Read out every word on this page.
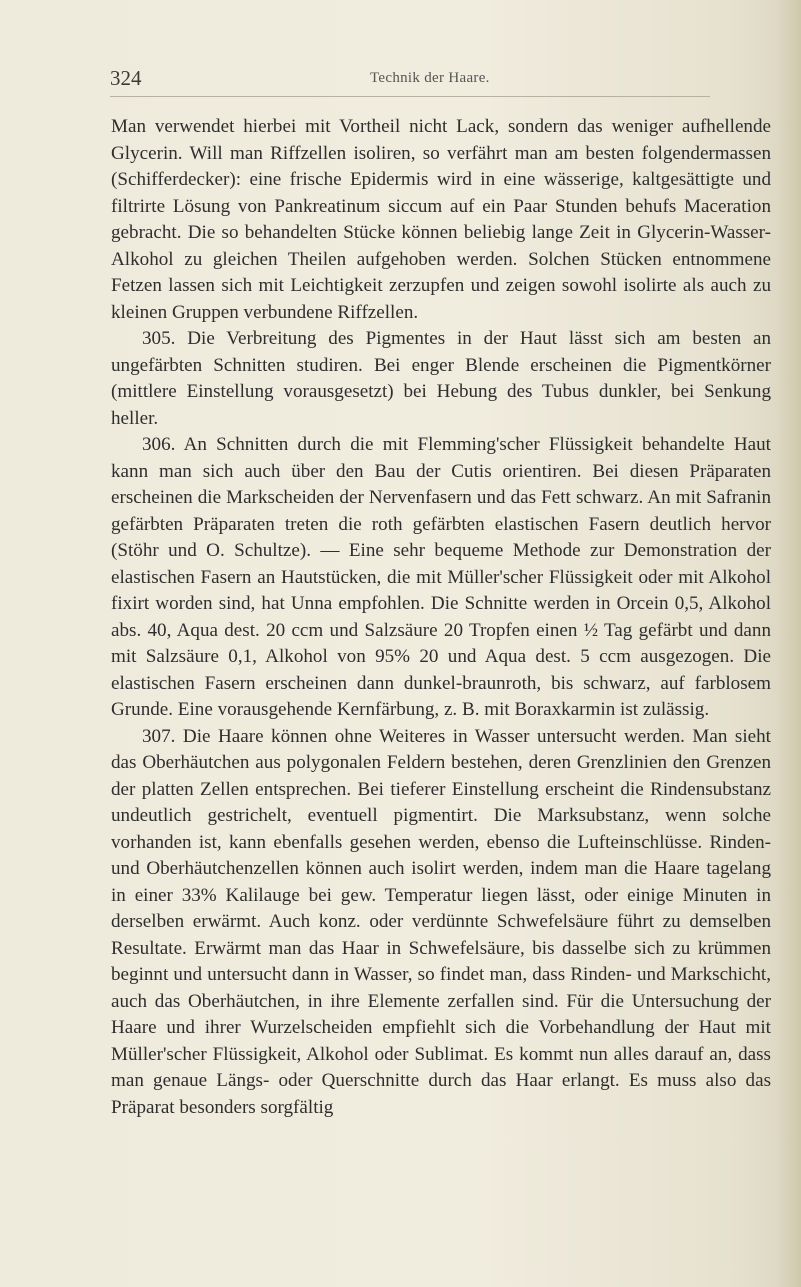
324	Technik der Haare.

Man verwendet hierbei mit Vortheil nicht Lack, sondern das weniger aufhellende Glycerin. Will man Riffzellen isoliren, so verfährt man am besten folgendermassen (Schifferdecker): eine frische Epidermis wird in eine wässerige, kaltgesättigte und filtrirte Lösung von Pankreatinum siccum auf ein Paar Stunden behufs Maceration gebracht. Die so behandelten Stücke können beliebig lange Zeit in Glycerin-Wasser-Alkohol zu gleichen Theilen aufgehoben werden. Solchen Stücken entnommene Fetzen lassen sich mit Leichtigkeit zerzupfen und zeigen sowohl isolirte als auch zu kleinen Gruppen verbundene Riffzellen.

305. Die Verbreitung des Pigmentes in der Haut lässt sich am besten an ungefärbten Schnitten studiren. Bei enger Blende erscheinen die Pigmentkörner (mittlere Einstellung vorausgesetzt) bei Hebung des Tubus dunkler, bei Senkung heller.

306. An Schnitten durch die mit Flemming'scher Flüssigkeit behandelte Haut kann man sich auch über den Bau der Cutis orientiren. Bei diesen Präparaten erscheinen die Markscheiden der Nervenfasern und das Fett schwarz. An mit Safranin gefärbten Präparaten treten die roth gefärbten elastischen Fasern deutlich hervor (Stöhr und O. Schultze). — Eine sehr bequeme Methode zur Demonstration der elastischen Fasern an Hautstücken, die mit Müller'scher Flüssigkeit oder mit Alkohol fixirt worden sind, hat Unna empfohlen. Die Schnitte werden in Orcein 0,5, Alkohol abs. 40, Aqua dest. 20 ccm und Salzsäure 20 Tropfen einen ½ Tag gefärbt und dann mit Salzsäure 0,1, Alkohol von 95% 20 und Aqua dest. 5 ccm ausgezogen. Die elastischen Fasern erscheinen dann dunkel-braunroth, bis schwarz, auf farblosem Grunde. Eine vorausgehende Kernfärbung, z. B. mit Boraxkarmin ist zulässig.

307. Die Haare können ohne Weiteres in Wasser untersucht werden. Man sieht das Oberhäutchen aus polygonalen Feldern bestehen, deren Grenzlinien den Grenzen der platten Zellen entsprechen. Bei tieferer Einstellung erscheint die Rindensubstanz undeutlich gestrichelt, eventuell pigmentirt. Die Marksubstanz, wenn solche vorhanden ist, kann ebenfalls gesehen werden, ebenso die Lufteinschlüsse. Rinden- und Oberhäutchenzellen können auch isolirt werden, indem man die Haare tagelang in einer 33% Kalilauge bei gew. Temperatur liegen lässt, oder einige Minuten in derselben erwärmt. Auch konz. oder verdünnte Schwefelsäure führt zu demselben Resultate. Erwärmt man das Haar in Schwefelsäure, bis dasselbe sich zu krümmen beginnt und untersucht dann in Wasser, so findet man, dass Rinden- und Markschicht, auch das Oberhäutchen, in ihre Elemente zerfallen sind. Für die Untersuchung der Haare und ihrer Wurzelscheiden empfiehlt sich die Vorbehandlung der Haut mit Müller'scher Flüssigkeit, Alkohol oder Sublimat. Es kommt nun alles darauf an, dass man genaue Längs- oder Querschnitte durch das Haar erlangt. Es muss also das Präparat besonders sorgfältig
